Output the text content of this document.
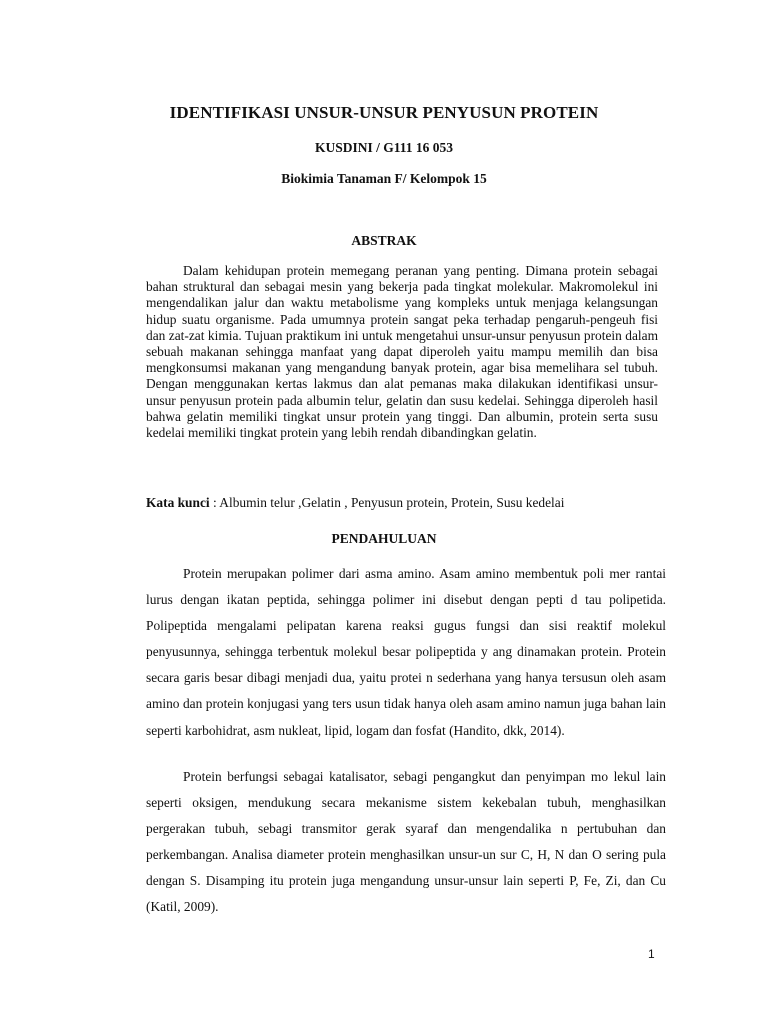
IDENTIFIKASI UNSUR-UNSUR PENYUSUN PROTEIN
KUSDINI / G111 16 053
Biokimia Tanaman F/ Kelompok 15
ABSTRAK

Dalam kehidupan protein memegang peranan yang penting. Dimana protein sebagai bahan struktural dan sebagai mesin yang bekerja pada tingkat molekular. Makromolekul ini mengendalikan jalur dan waktu metabolisme yang kompleks untuk menjaga kelangsungan hidup suatu organisme. Pada umumnya protein sangat peka terhadap pengaruh-pengeuh fisi dan zat-zat kimia. Tujuan praktikum ini untuk mengetahui unsur-unsur penyusun protein dalam sebuah makanan sehingga manfaat yang dapat diperoleh yaitu mampu memilih dan bisa mengkonsumsi makanan yang mengandung banyak protein, agar bisa memelihara sel tubuh. Dengan menggunakan kertas lakmus dan alat pemanas maka dilakukan identifikasi unsur-unsur penyusun protein pada albumin telur, gelatin dan susu kedelai. Sehingga diperoleh hasil bahwa gelatin memiliki tingkat unsur protein yang tinggi. Dan albumin, protein serta susu kedelai memiliki tingkat protein yang lebih rendah dibandingkan gelatin.

Kata kunci : Albumin telur ,Gelatin , Penyusun protein, Protein, Susu kedelai

PENDAHULUAN

Protein merupakan polimer dari asma amino. Asam amino membentuk poli mer rantai lurus dengan ikatan peptida, sehingga polimer ini disebut dengan pepti d tau polipetida. Polipeptida mengalami pelipatan karena reaksi gugus fungsi dan sisi reaktif molekul penyusunnya, sehingga terbentuk molekul besar polipeptida y ang dinamakan protein. Protein secara garis besar dibagi menjadi dua, yaitu protei n sederhana yang hanya tersusun oleh asam amino dan protein konjugasi yang ters usun tidak hanya oleh asam amino namun juga bahan lain seperti karbohidrat, asm nukleat, lipid, logam dan fosfat (Handito, dkk, 2014).

Protein berfungsi sebagai katalisator, sebagi pengangkut dan penyimpan mo lekul lain seperti oksigen, mendukung secara mekanisme sistem kekebalan tubuh, menghasilkan pergerakan tubuh, sebagi transmitor gerak syaraf dan mengendalika n pertubuhan dan perkembangan. Analisa diameter protein menghasilkan unsur-un sur C, H, N dan O sering pula dengan S. Disamping itu protein juga mengandung unsur-unsur lain seperti P, Fe, Zi, dan Cu (Katil, 2009).

1
